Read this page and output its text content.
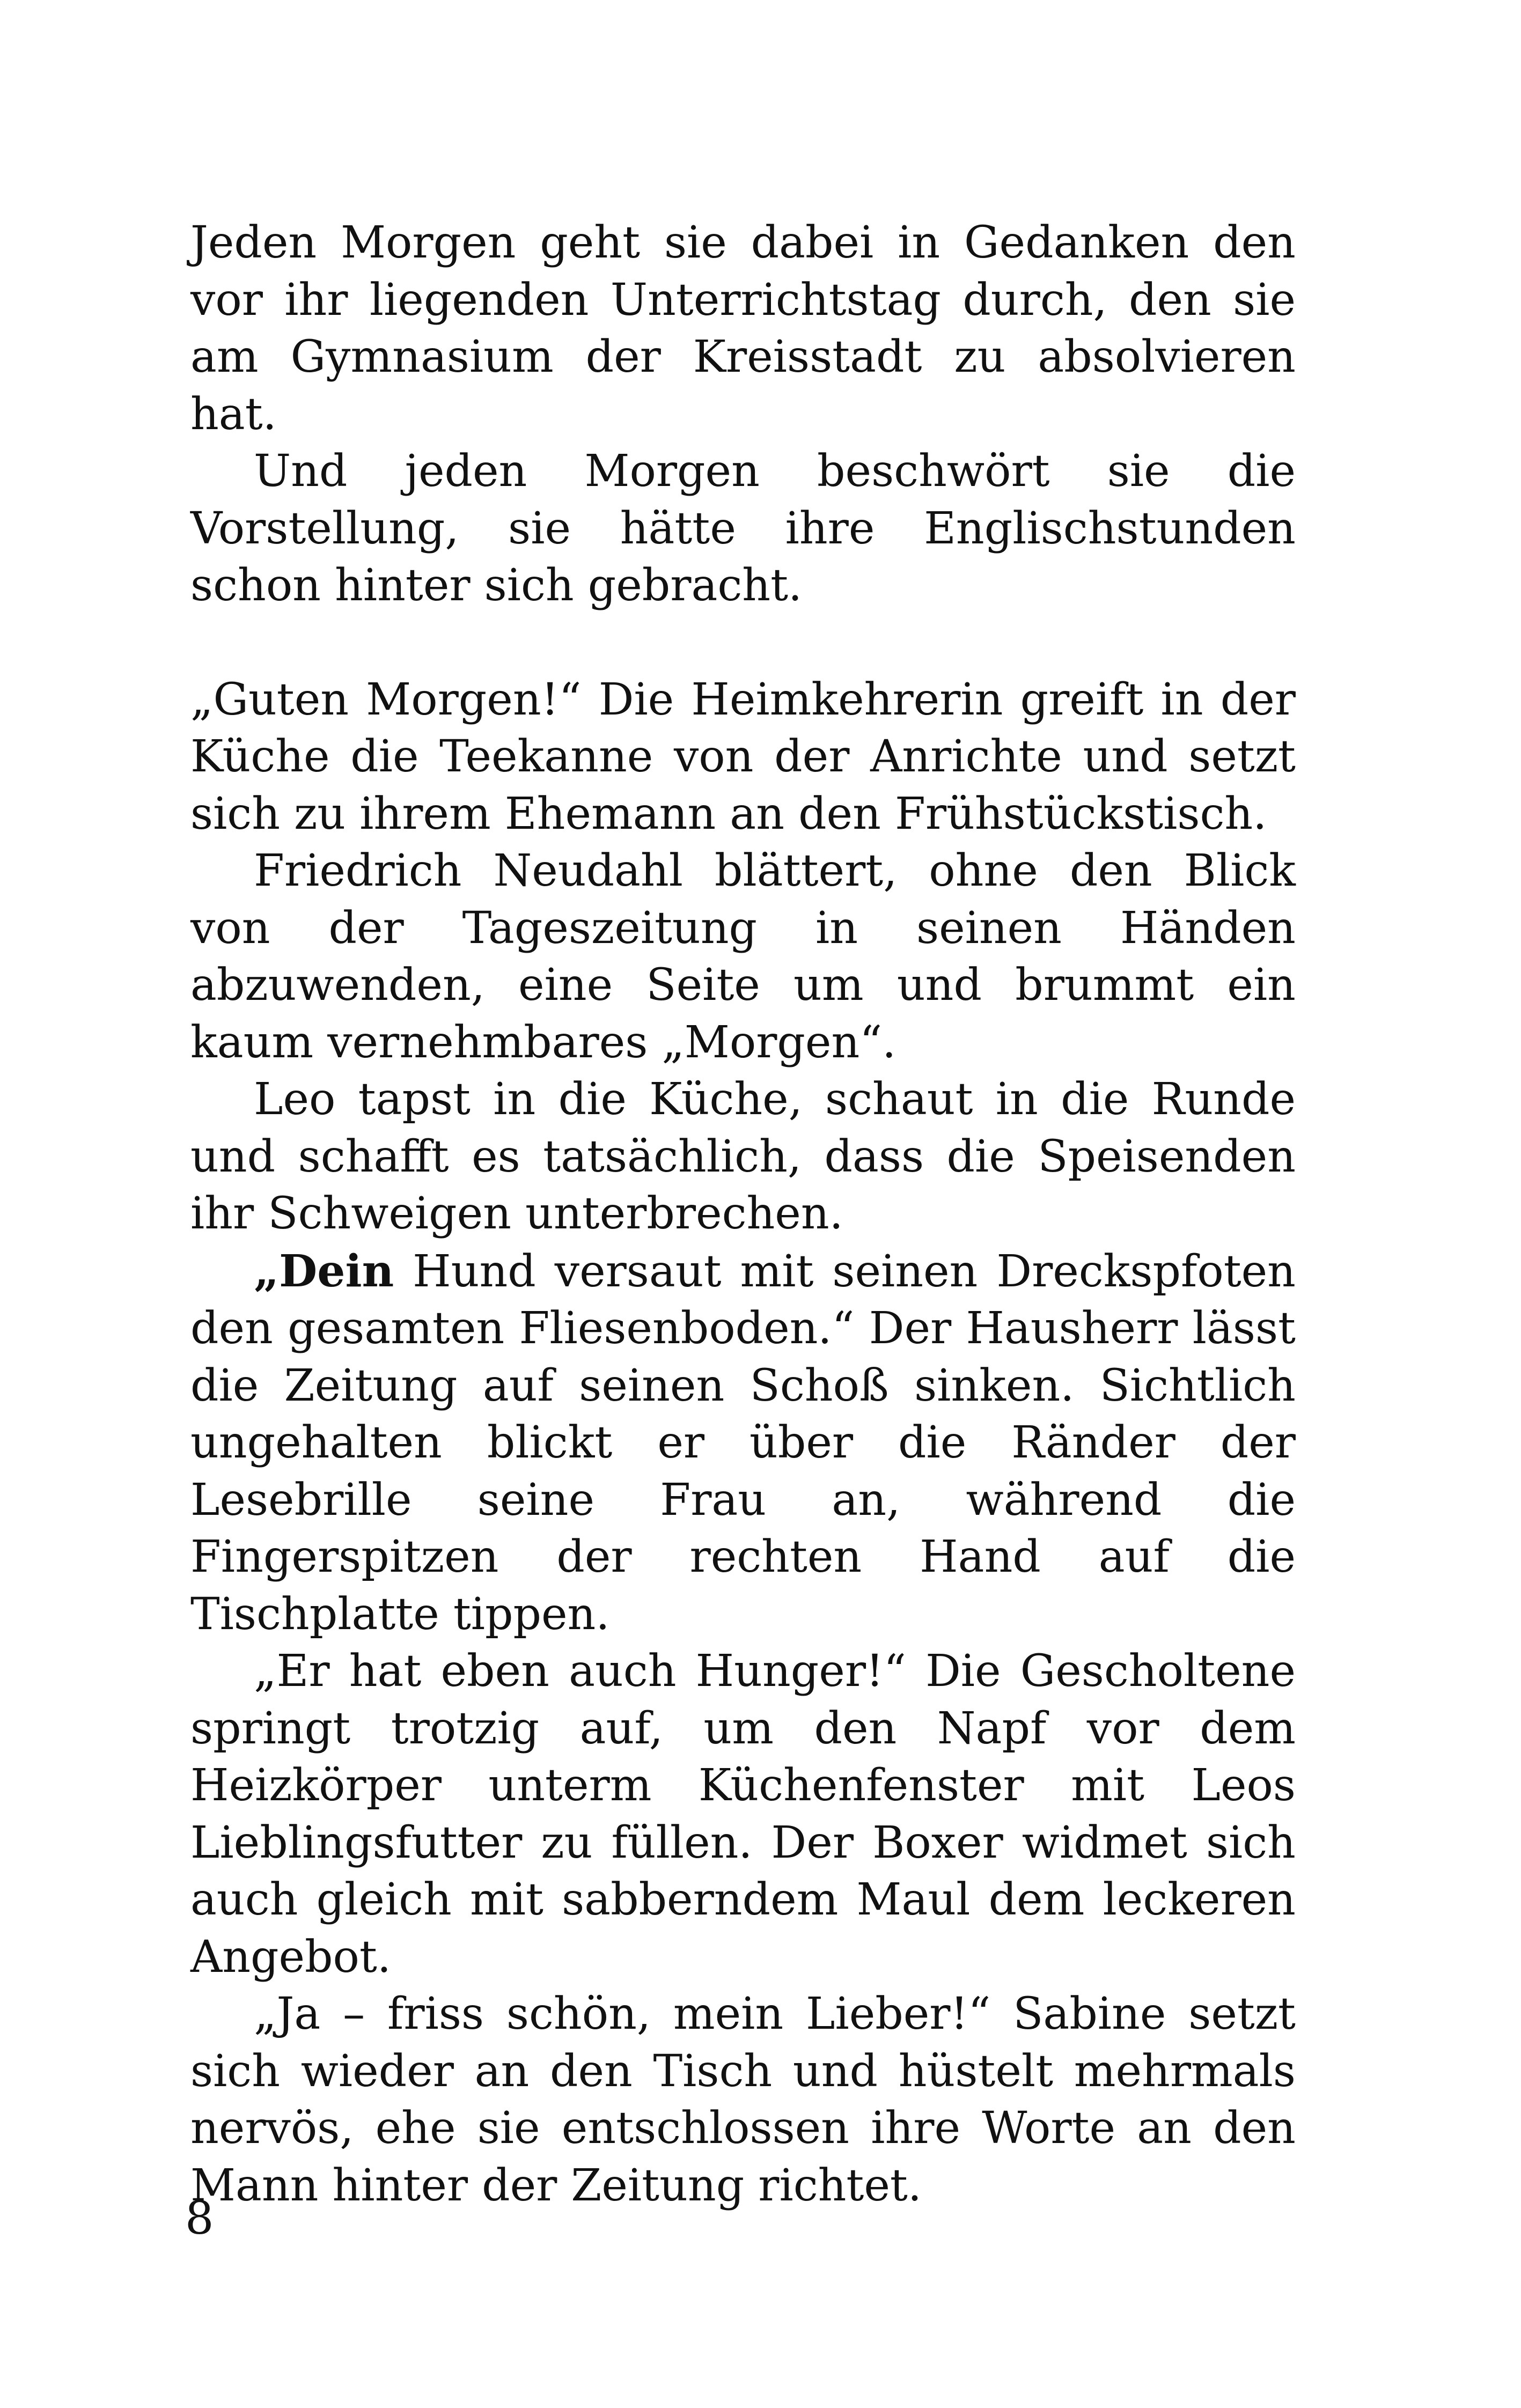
Jeden Morgen geht sie dabei in Gedanken den vor ihr liegenden Unterrichtstag durch, den sie am Gymnasium der Kreisstadt zu absolvieren hat.

Und jeden Morgen beschwört sie die Vorstellung, sie hätte ihre Englischstunden schon hinter sich gebracht.

„Guten Morgen!“ Die Heimkehrerin greift in der Küche die Teekanne von der Anrichte und setzt sich zu ihrem Ehemann an den Frühstückstisch.

Friedrich Neudahl blättert, ohne den Blick von der Tageszeitung in seinen Händen abzuwenden, eine Seite um und brummt ein kaum vernehmbares „Morgen“.

Leo tapst in die Küche, schaut in die Runde und schafft es tatsächlich, dass die Speisenden ihr Schweigen unterbrechen.

„Dein Hund versaut mit seinen Dreckspfoten den gesamten Fliesenboden.“ Der Hausherr lässt die Zeitung auf seinen Schoß sinken. Sichtlich ungehalten blickt er über die Ränder der Lesebrille seine Frau an, während die Fingerspitzen der rechten Hand auf die Tischplatte tippen.

„Er hat eben auch Hunger!“ Die Gescholtene springt trotzig auf, um den Napf vor dem Heizkörper unterm Küchenfenster mit Leos Lieblingsfutter zu füllen. Der Boxer widmet sich auch gleich mit sabberndem Maul dem leckeren Angebot.

„Ja – friss schön, mein Lieber!“ Sabine setzt sich wieder an den Tisch und hüstelt mehrmals nervös, ehe sie entschlossen ihre Worte an den Mann hinter der Zeitung richtet.

8
